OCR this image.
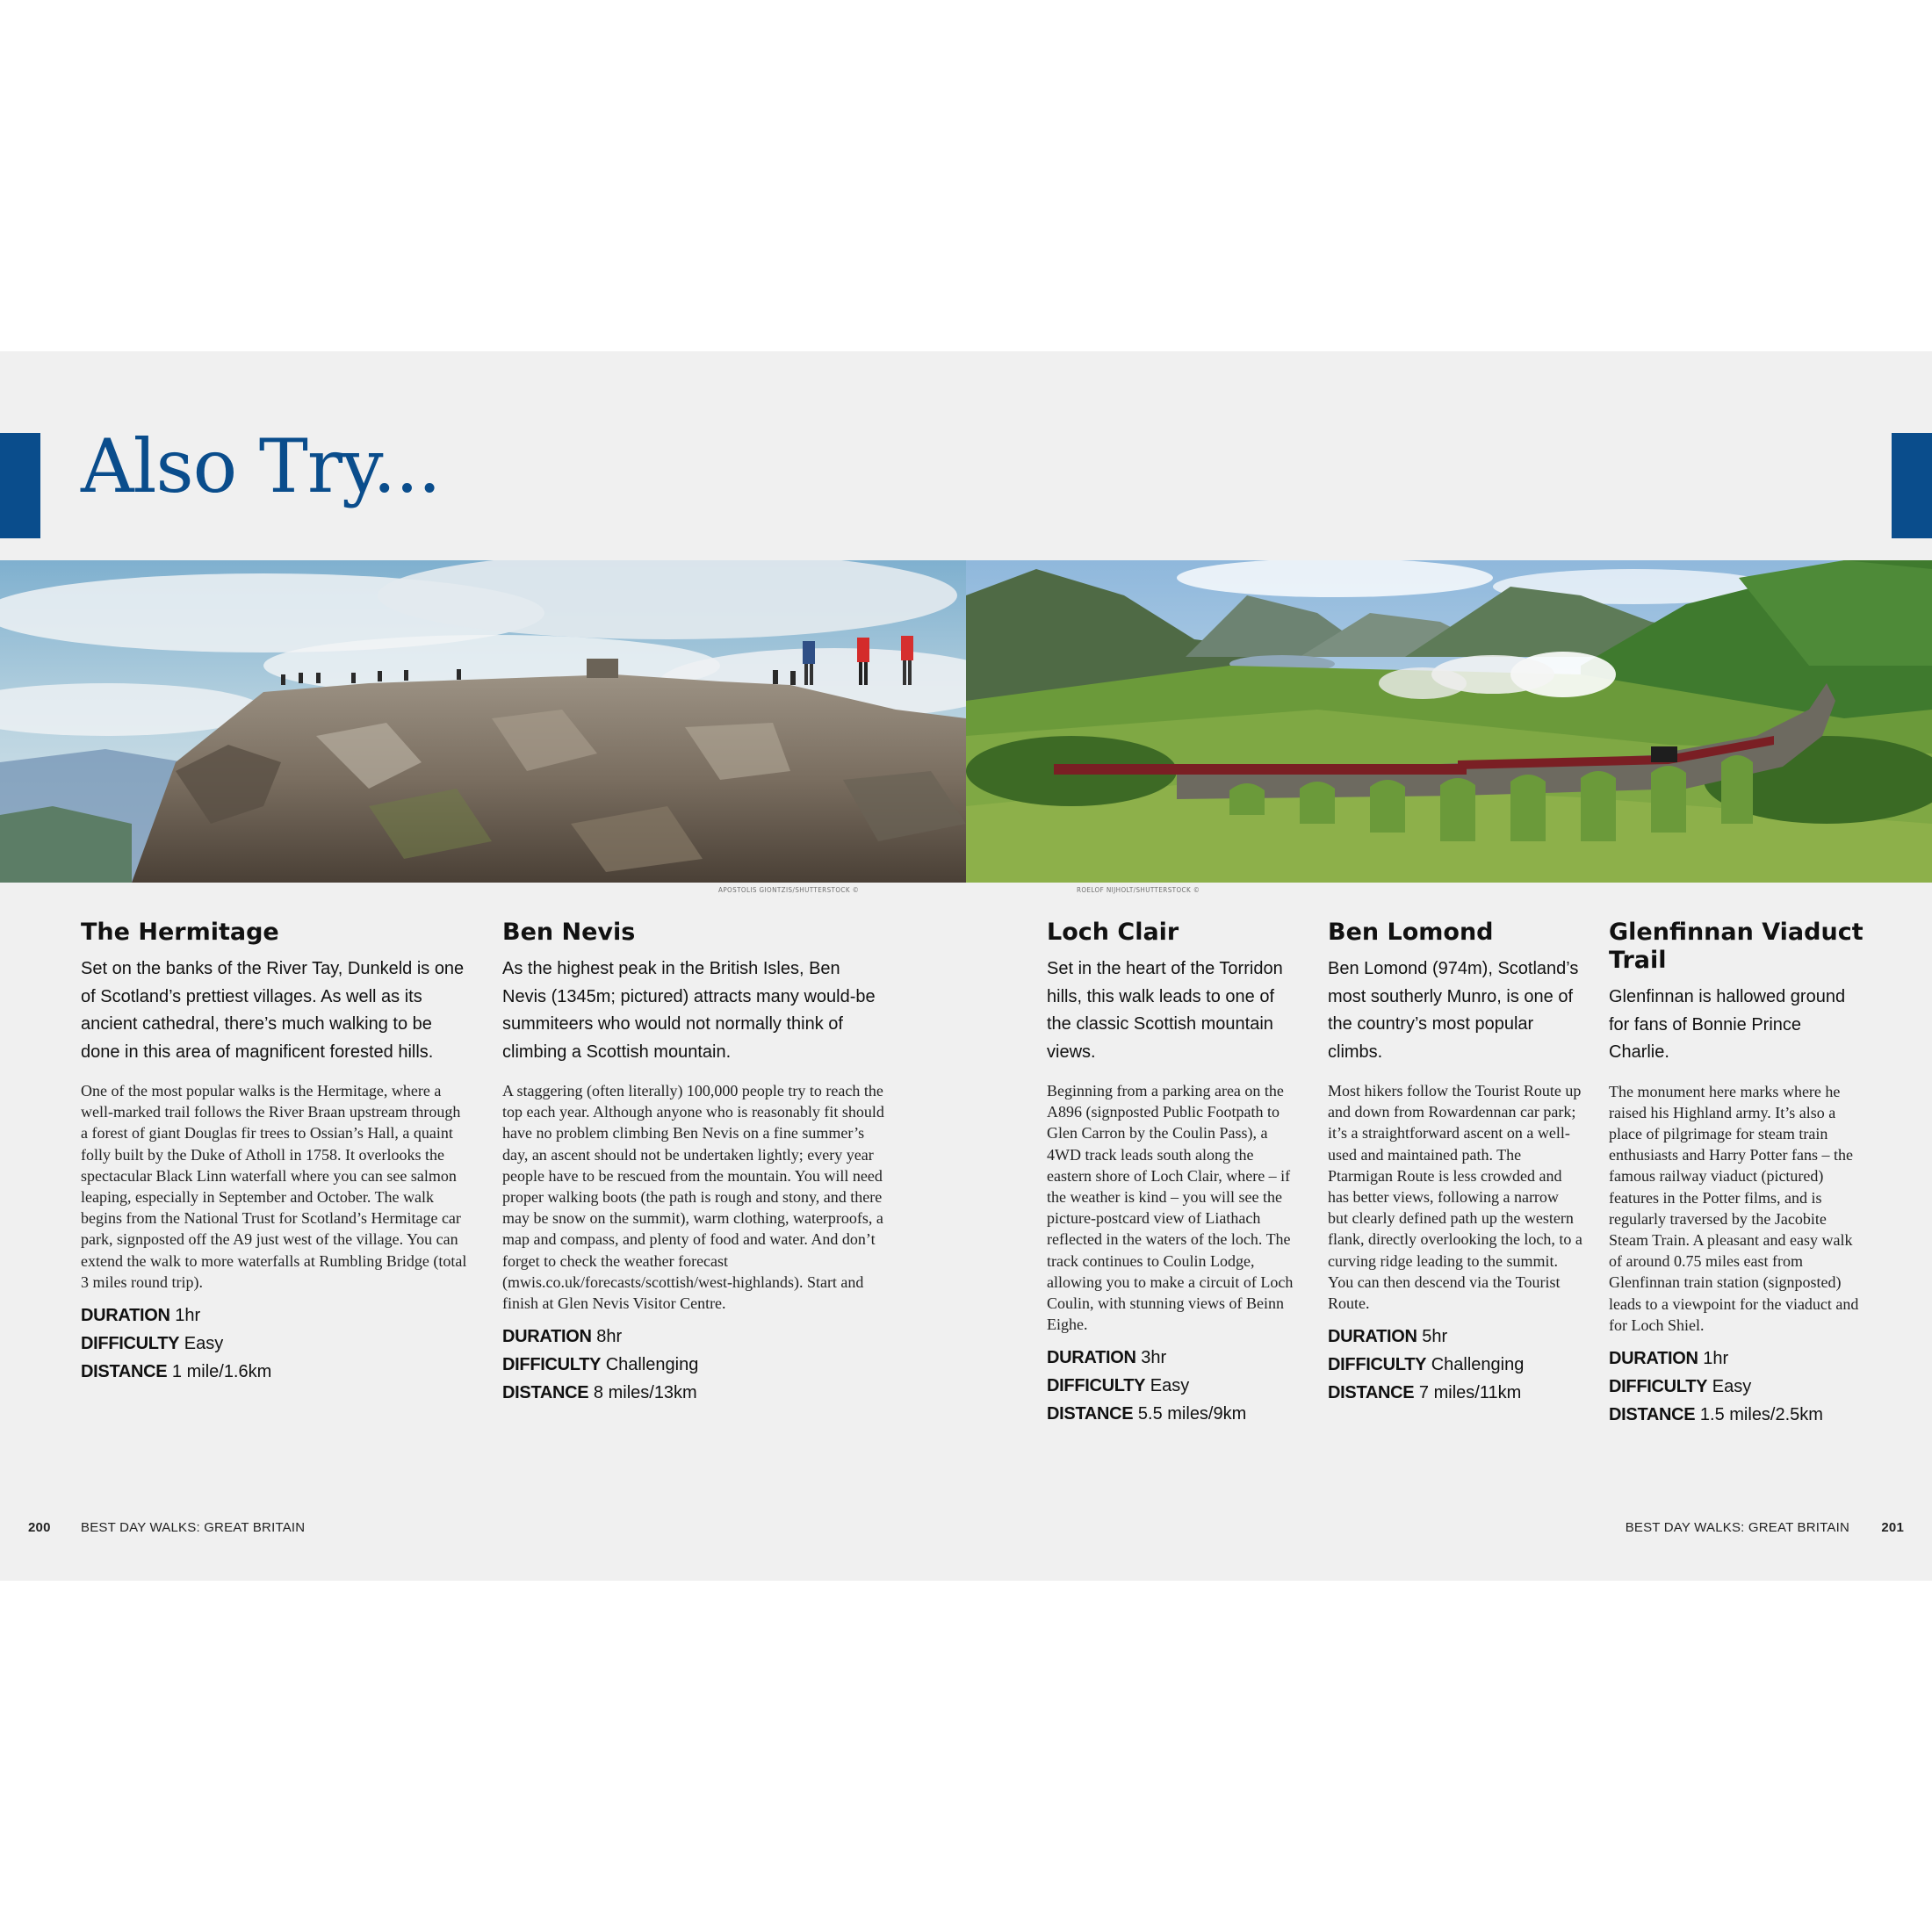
Also Try...
APOSTOLIS GIONTZIS/SHUTTERSTOCK ©	ROELOF NIJHOLT/SHUTTERSTOCK ©
The Hermitage

Set on the banks of the River Tay, Dunkeld is one of Scotland’s prettiest villages. As well as its ancient cathedral, there’s much walking to be done in this area of magnificent forested hills.

One of the most popular walks is the Hermitage, where a well-marked trail follows the River Braan upstream through a forest of giant Douglas fir trees to Ossian’s Hall, a quaint folly built by the Duke of Atholl in 1758. It overlooks the spectacular Black Linn waterfall where you can see salmon leaping, especially in September and October. The walk begins from the National Trust for Scotland’s Hermitage car park, signposted off the A9 just west of the village. You can extend the walk to more waterfalls at Rumbling Bridge (total 3 miles round trip).

DURATION 1hr
DIFFICULTY Easy
DISTANCE 1 mile/1.6km
Ben Nevis

As the highest peak in the British Isles, Ben Nevis (1345m; pictured) attracts many would-be summiteers who would not normally think of climbing a Scottish mountain.

A staggering (often literally) 100,000 people try to reach the top each year. Although anyone who is reasonably fit should have no problem climbing Ben Nevis on a fine summer’s day, an ascent should not be undertaken lightly; every year people have to be rescued from the mountain. You will need proper walking boots (the path is rough and stony, and there may be snow on the summit), warm clothing, waterproofs, a map and compass, and plenty of food and water. And don’t forget to check the weather forecast (mwis.co.uk/forecasts/scottish/west-highlands). Start and finish at Glen Nevis Visitor Centre.

DURATION 8hr
DIFFICULTY Challenging
DISTANCE 8 miles/13km
Loch Clair

Set in the heart of the Torridon hills, this walk leads to one of the classic Scottish mountain views.

Beginning from a parking area on the A896 (signposted Public Footpath to Glen Carron by the Coulin Pass), a 4WD track leads south along the eastern shore of Loch Clair, where – if the weather is kind – you will see the picture-postcard view of Liathach reflected in the waters of the loch. The track continues to Coulin Lodge, allowing you to make a circuit of Loch Coulin, with stunning views of Beinn Eighe.

DURATION 3hr
DIFFICULTY Easy
DISTANCE 5.5 miles/9km
Ben Lomond

Ben Lomond (974m), Scotland’s most southerly Munro, is one of the country’s most popular climbs.

Most hikers follow the Tourist Route up and down from Rowardennan car park; it’s a straightforward ascent on a well-used and maintained path. The Ptarmigan Route is less crowded and has better views, following a narrow but clearly defined path up the western flank, directly overlooking the loch, to a curving ridge leading to the summit. You can then descend via the Tourist Route.

DURATION 5hr
DIFFICULTY Challenging
DISTANCE 7 miles/11km
Glenfinnan Viaduct Trail

Glenfinnan is hallowed ground for fans of Bonnie Prince Charlie.

The monument here marks where he raised his Highland army. It’s also a place of pilgrimage for steam train enthusiasts and Harry Potter fans – the famous railway viaduct (pictured) features in the Potter films, and is regularly traversed by the Jacobite Steam Train. A pleasant and easy walk of around 0.75 miles east from Glenfinnan train station (signposted) leads to a viewpoint for the viaduct and for Loch Shiel.

DURATION 1hr
DIFFICULTY Easy
DISTANCE 1.5 miles/2.5km
200 BEST DAY WALKS: GREAT BRITAIN	BEST DAY WALKS: GREAT BRITAIN 201
